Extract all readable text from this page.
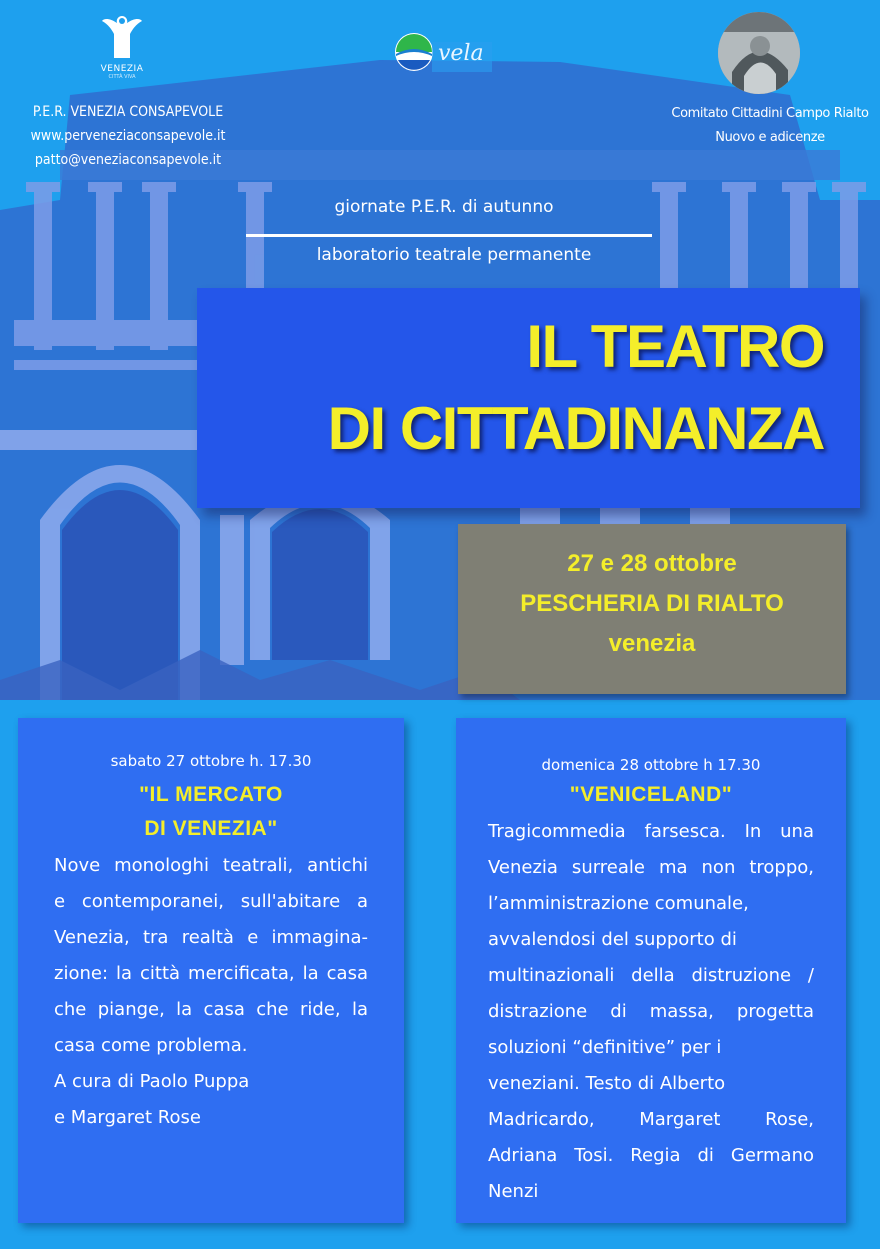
VENEZIA
CITTÀ VIVA
vela
P.E.R. VENEZIA CONSAPEVOLE
www.perveneziaconsapevole.it
patto@veneziaconsapevole.it
Comitato Cittadini Campo Rialto
Nuovo e adicenze
giornate P.E.R. di autunno
laboratorio teatrale permanente
IL TEATRO
DI CITTADINANZA
27 e 28 ottobre
PESCHERIA DI RIALTO
venezia
sabato 27 ottobre h. 17.30
"IL MERCATO
DI VENEZIA"
Nove monologhi teatrali, antichi
e contemporanei, sull'abitare a
Venezia, tra realtà e immagina-
zione: la città mercificata, la casa
che piange, la casa che ride, la
casa come problema.
A cura di Paolo Puppa
e Margaret Rose
domenica 28 ottobre h 17.30
"VENICELAND"
Tragicommedia farsesca. In una
Venezia surreale ma non troppo,
l’amministrazione comunale,
avvalendosi del supporto di
multinazionali della distruzione /
distrazione di massa, progetta
soluzioni “definitive” per i
veneziani. Testo di Alberto
Madricardo, Margaret Rose,
Adriana Tosi. Regia di Germano
Nenzi
